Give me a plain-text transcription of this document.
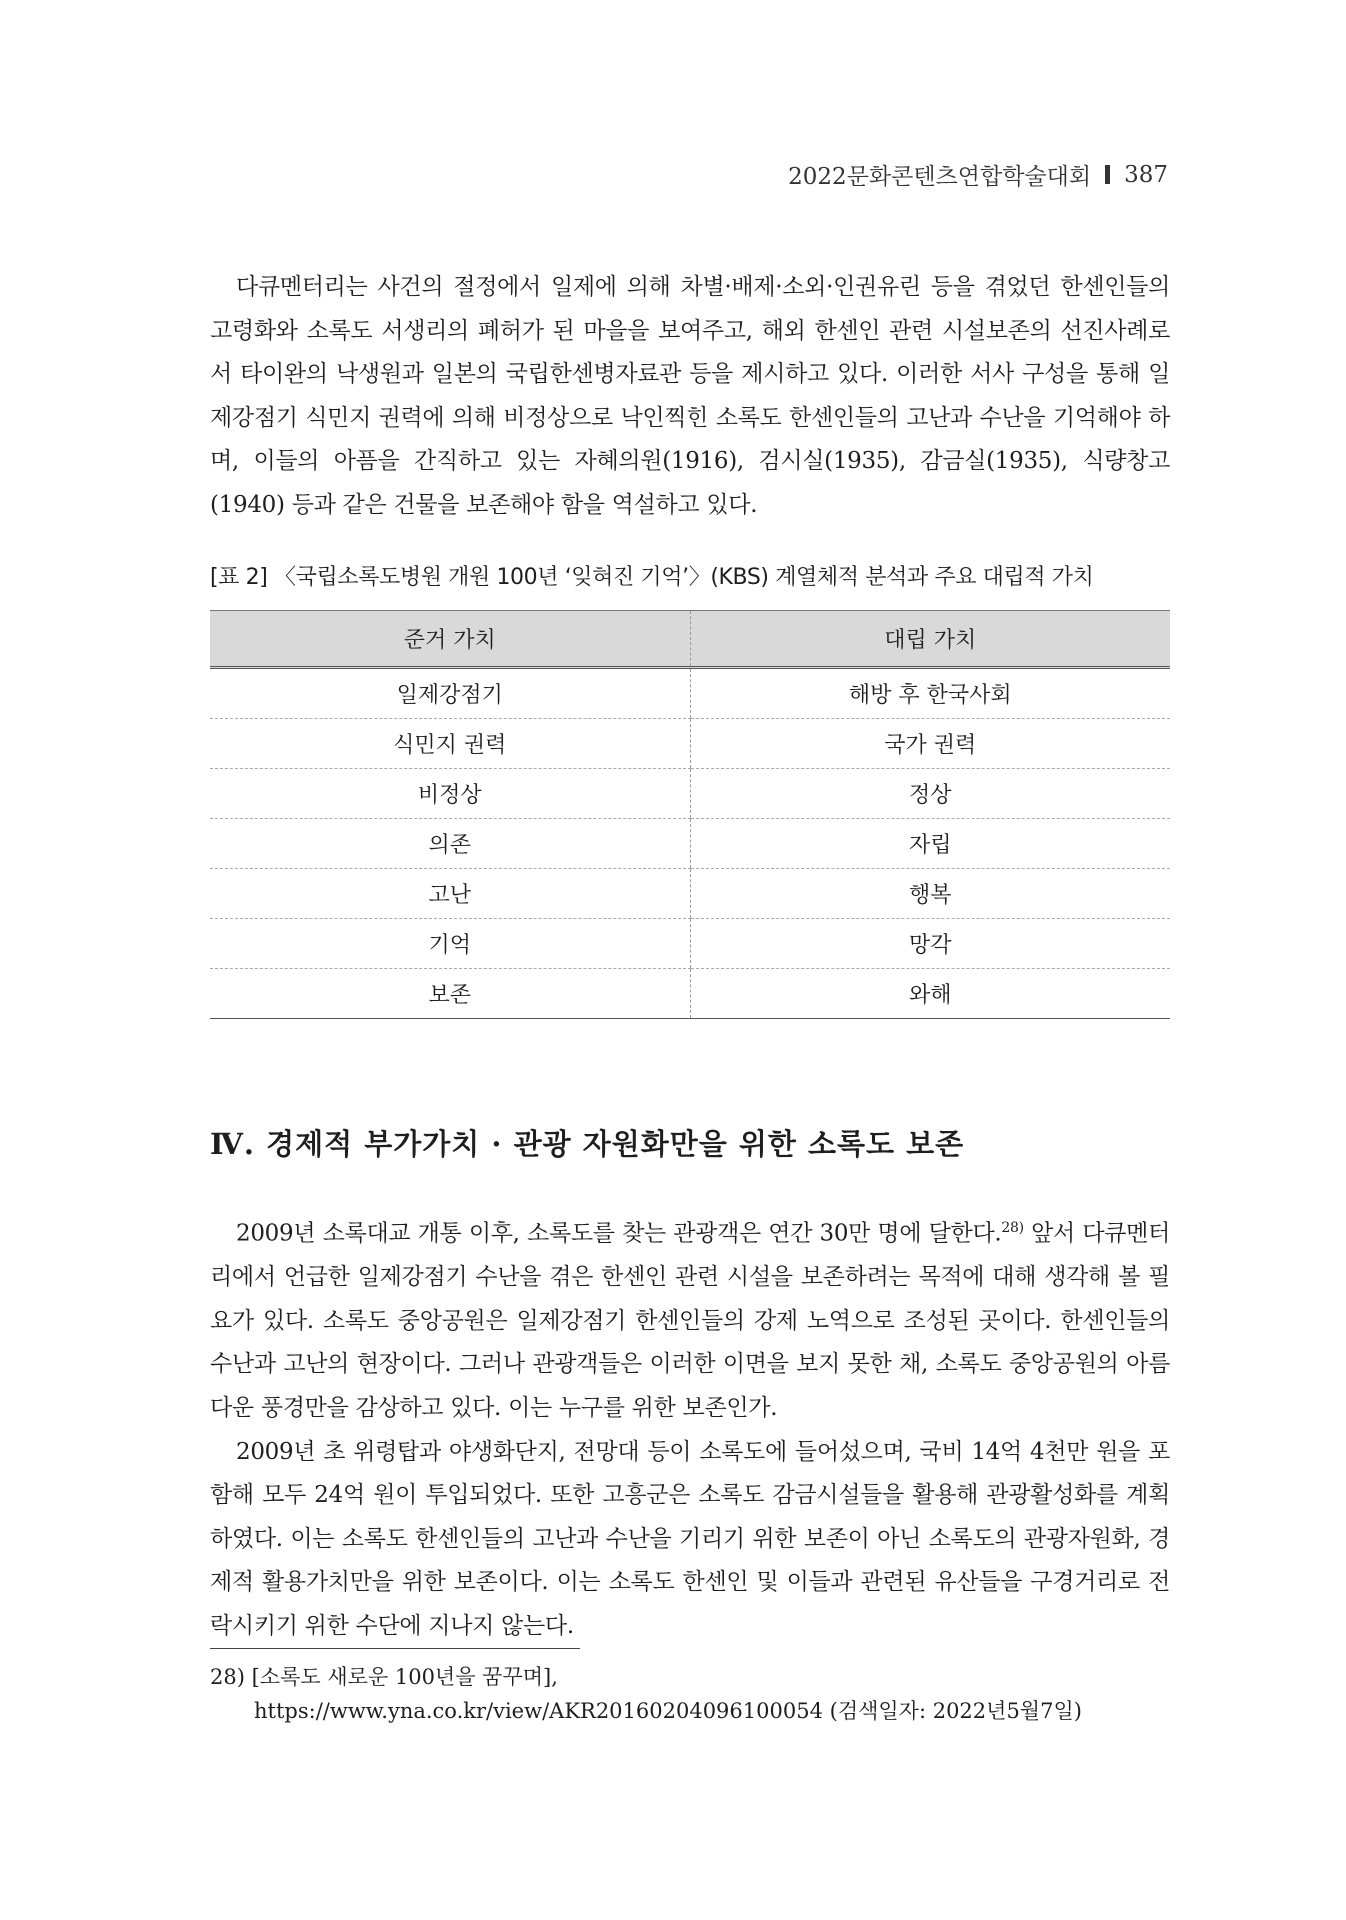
2022문화콘텐츠연합학술대회 387

다큐멘터리는 사건의 절정에서 일제에 의해 차별·배제·소외·인권유린 등을 겪었던 한센인들의 고령화와 소록도 서생리의 폐허가 된 마을을 보여주고, 해외 한센인 관련 시설보존의 선진사례로서 타이완의 낙생원과 일본의 국립한센병자료관 등을 제시하고 있다. 이러한 서사 구성을 통해 일제강점기 식민지 권력에 의해 비정상으로 낙인찍힌 소록도 한센인들의 고난과 수난을 기억해야 하며, 이들의 아픔을 간직하고 있는 자혜의원(1916), 검시실(1935), 감금실(1935), 식량창고(1940) 등과 같은 건물을 보존해야 함을 역설하고 있다.

[표 2] 〈국립소록도병원 개원 100년 ‘잊혀진 기억’〉(KBS) 계열체적 분석과 주요 대립적 가치
준거 가치	대립 가치
일제강점기	해방 후 한국사회
식민지 권력	국가 권력
비정상	정상
의존	자립
고난	행복
기억	망각
보존	와해
Ⅳ. 경제적 부가가치 · 관광 자원화만을 위한 소록도 보존

2009년 소록대교 개통 이후, 소록도를 찾는 관광객은 연간 30만 명에 달한다.$^{28)}$ 앞서 다큐멘터리에서 언급한 일제강점기 수난을 겪은 한센인 관련 시설을 보존하려는 목적에 대해 생각해 볼 필요가 있다. 소록도 중앙공원은 일제강점기 한센인들의 강제 노역으로 조성된 곳이다. 한센인들의 수난과 고난의 현장이다. 그러나 관광객들은 이러한 이면을 보지 못한 채, 소록도 중앙공원의 아름다운 풍경만을 감상하고 있다. 이는 누구를 위한 보존인가.

2009년 초 위령탑과 야생화단지, 전망대 등이 소록도에 들어섰으며, 국비 14억 4천만 원을 포함해 모두 24억 원이 투입되었다. 또한 고흥군은 소록도 감금시설들을 활용해 관광활성화를 계획하였다. 이는 소록도 한센인들의 고난과 수난을 기리기 위한 보존이 아닌 소록도의 관광자원화, 경제적 활용가치만을 위한 보존이다. 이는 소록도 한센인 및 이들과 관련된 유산들을 구경거리로 전락시키기 위한 수단에 지나지 않는다.

28) [소록도 새로운 100년을 꿈꾸며],
https://www.yna.co.kr/view/AKR20160204096100054 (검색일자: 2022년5월7일)
